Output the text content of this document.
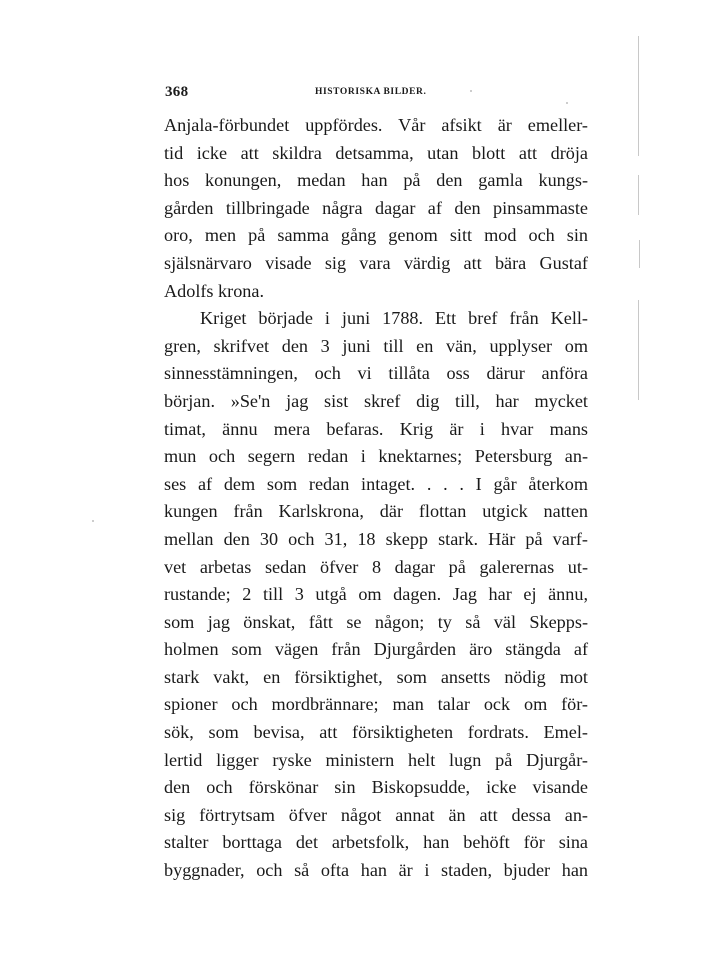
368	HISTORISKA BILDER.
Anjala-förbundet uppfördes. Vår afsikt är emeller-
tid icke att skildra detsamma, utan blott att dröja
hos konungen, medan han på den gamla kungs-
gården tillbringade några dagar af den pinsammaste
oro, men på samma gång genom sitt mod och sin
själsnärvaro visade sig vara värdig att bära Gustaf
Adolfs krona.
Kriget började i juni 1788. Ett bref från Kell-
gren, skrifvet den 3 juni till en vän, upplyser om
sinnesstämningen, och vi tillåta oss därur anföra
början. »Se'n jag sist skref dig till, har mycket
timat, ännu mera befaras. Krig är i hvar mans
mun och segern redan i knektarnes; Petersburg an-
ses af dem som redan intaget. . . . I går återkom
kungen från Karlskrona, där flottan utgick natten
mellan den 30 och 31, 18 skepp stark. Här på varf-
vet arbetas sedan öfver 8 dagar på galerernas ut-
rustande; 2 till 3 utgå om dagen. Jag har ej ännu,
som jag önskat, fått se någon; ty så väl Skepps-
holmen som vägen från Djurgården äro stängda af
stark vakt, en försiktighet, som ansetts nödig mot
spioner och mordbrännare; man talar ock om för-
sök, som bevisa, att försiktigheten fordrats. Emel-
lertid ligger ryske ministern helt lugn på Djurgår-
den och förskönar sin Biskopsudde, icke visande
sig förtrytsam öfver något annat än att dessa an-
stalter borttaga det arbetsfolk, han behöft för sina
byggnader, och så ofta han är i staden, bjuder han
